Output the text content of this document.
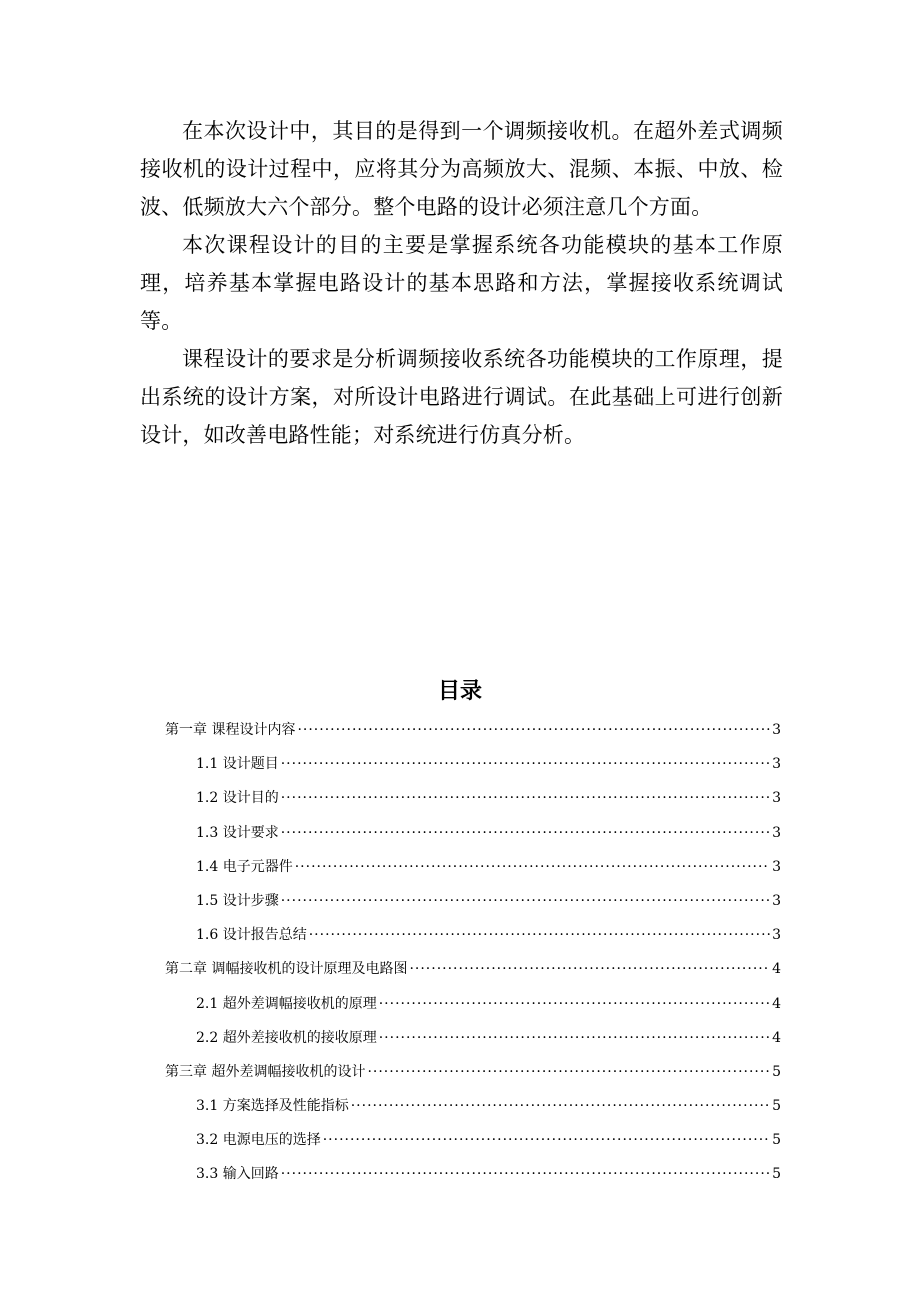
在本次设计中，其目的是得到一个调频接收机。在超外差式调频接收机的设计过程中，应将其分为高频放大、混频、本振、中放、检波、低频放大六个部分。整个电路的设计必须注意几个方面。

本次课程设计的目的主要是掌握系统各功能模块的基本工作原理，培养基本掌握电路设计的基本思路和方法，掌握接收系统调试等。

课程设计的要求是分析调频接收系统各功能模块的工作原理，提出系统的设计方案，对所设计电路进行调试。在此基础上可进行创新设计，如改善电路性能；对系统进行仿真分析。

目录
第一章 课程设计内容 ·····	3
1.1 设计题目 ·····	3
1.2 设计目的 ·····	3
1.3 设计要求 ·····	3
1.4 电子元器件 ·····	3
1.5 设计步骤 ·····	3
1.6 设计报告总结 ·····	3
第二章 调幅接收机的设计原理及电路图 ·····	4
2.1 超外差调幅接收机的原理 ·····	4
2.2 超外差接收机的接收原理 ·····	4
第三章 超外差调幅接收机的设计 ·····	5
3.1 方案选择及性能指标 ·····	5
3.2 电源电压的选择 ·····	5
3.3 输入回路 ·····	5
